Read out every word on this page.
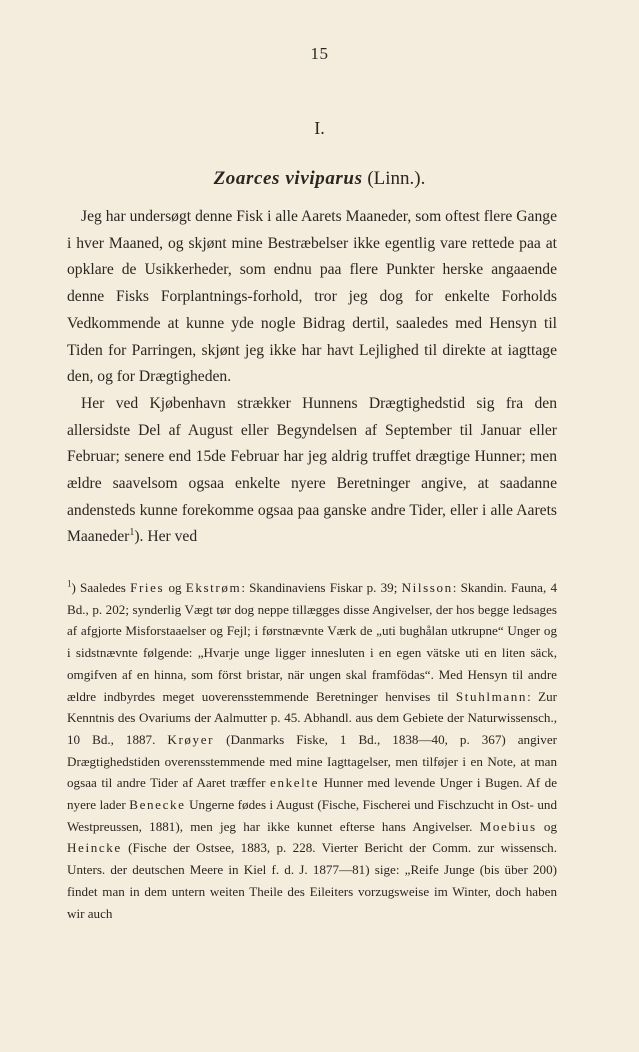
15
I.
Zoarces viviparus (Linn.).

Jeg har undersøgt denne Fisk i alle Aarets Maaneder, som oftest flere Gange i hver Maaned, og skjønt mine Bestræbelser ikke egentlig vare rettede paa at opklare de Usikkerheder, som endnu paa flere Punkter herske angaaende denne Fisks Forplantnings-forhold, tror jeg dog for enkelte Forholds Vedkommende at kunne yde nogle Bidrag dertil, saaledes med Hensyn til Tiden for Parringen, skjønt jeg ikke har havt Lejlighed til direkte at iagttage den, og for Drægtigheden.

Her ved Kjøbenhavn strækker Hunnens Drægtighedstid sig fra den allersidste Del af August eller Begyndelsen af September til Januar eller Februar; senere end 15de Februar har jeg aldrig truffet drægtige Hunner; men ældre saavelsom ogsaa enkelte nyere Beretninger angive, at saadanne andensteds kunne forekomme ogsaa paa ganske andre Tider, eller i alle Aarets Maaneder$^1$). Her ved

$^1$) Saaledes Fries og Ekstrøm: Skandinaviens Fiskar p. 39; Nilsson: Skandin. Fauna, 4 Bd., p. 202; synderlig Vægt tør dog neppe tillægges disse Angivelser, der hos begge ledsages af afgjorte Misforstaaelser og Fejl; i førstnævnte Værk de „uti bughålan utkrupne“ Unger og i sidstnævnte følgende: „Hvarje unge ligger innesluten i en egen vätske uti en liten säck, omgifven af en hinna, som först bristar, när ungen skal framfödas“. Med Hensyn til andre ældre indbyrdes meget uoverensstemmende Beretninger henvises til Stuhlmann: Zur Kenntnis des Ovariums der Aalmutter p. 45. Abhandl. aus dem Gebiete der Naturwissensch., 10 Bd., 1887. Krøyer (Danmarks Fiske, 1 Bd., 1838—40, p. 367) angiver Drægtighedstiden overensstemmende med mine Iagttagelser, men tilføjer i en Note, at man ogsaa til andre Tider af Aaret træffer enkelte Hunner med levende Unger i Bugen. Af de nyere lader Benecke Ungerne fødes i August (Fische, Fischerei und Fischzucht in Ost- und Westpreussen, 1881), men jeg har ikke kunnet efterse hans Angivelser. Moebius og Heincke (Fische der Ostsee, 1883, p. 228. Vierter Bericht der Comm. zur wissensch. Unters. der deutschen Meere in Kiel f. d. J. 1877—81) sige: „Reife Junge (bis über 200) findet man in dem untern weiten Theile des Eileiters vorzugsweise im Winter, doch haben wir auch
